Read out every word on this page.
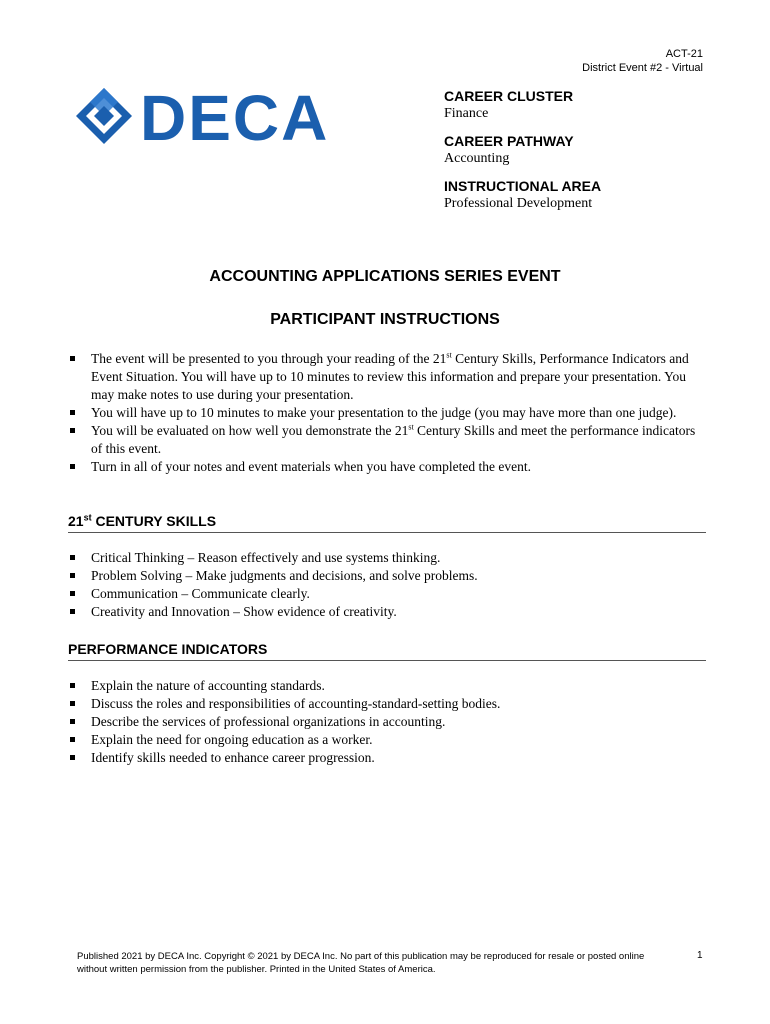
ACT-21
District Event #2 - Virtual
DECA	CAREER CLUSTER
Finance
CAREER PATHWAY
Accounting
INSTRUCTIONAL AREA
Professional Development
ACCOUNTING APPLICATIONS SERIES EVENT
PARTICIPANT INSTRUCTIONS
The event will be presented to you through your reading of the 21st Century Skills, Performance Indicators and Event Situation. You will have up to 10 minutes to review this information and prepare your presentation. You may make notes to use during your presentation.
You will have up to 10 minutes to make your presentation to the judge (you may have more than one judge).
You will be evaluated on how well you demonstrate the 21st Century Skills and meet the performance indicators of this event.
Turn in all of your notes and event materials when you have completed the event.
21st CENTURY SKILLS
Critical Thinking – Reason effectively and use systems thinking.
Problem Solving – Make judgments and decisions, and solve problems.
Communication – Communicate clearly.
Creativity and Innovation – Show evidence of creativity.
PERFORMANCE INDICATORS
Explain the nature of accounting standards.
Discuss the roles and responsibilities of accounting-standard-setting bodies.
Describe the services of professional organizations in accounting.
Explain the need for ongoing education as a worker.
Identify skills needed to enhance career progression.
Published 2021 by DECA Inc. Copyright © 2021 by DECA Inc. No part of this publication may be reproduced for resale or posted online without written permission from the publisher. Printed in the United States of America.
1
